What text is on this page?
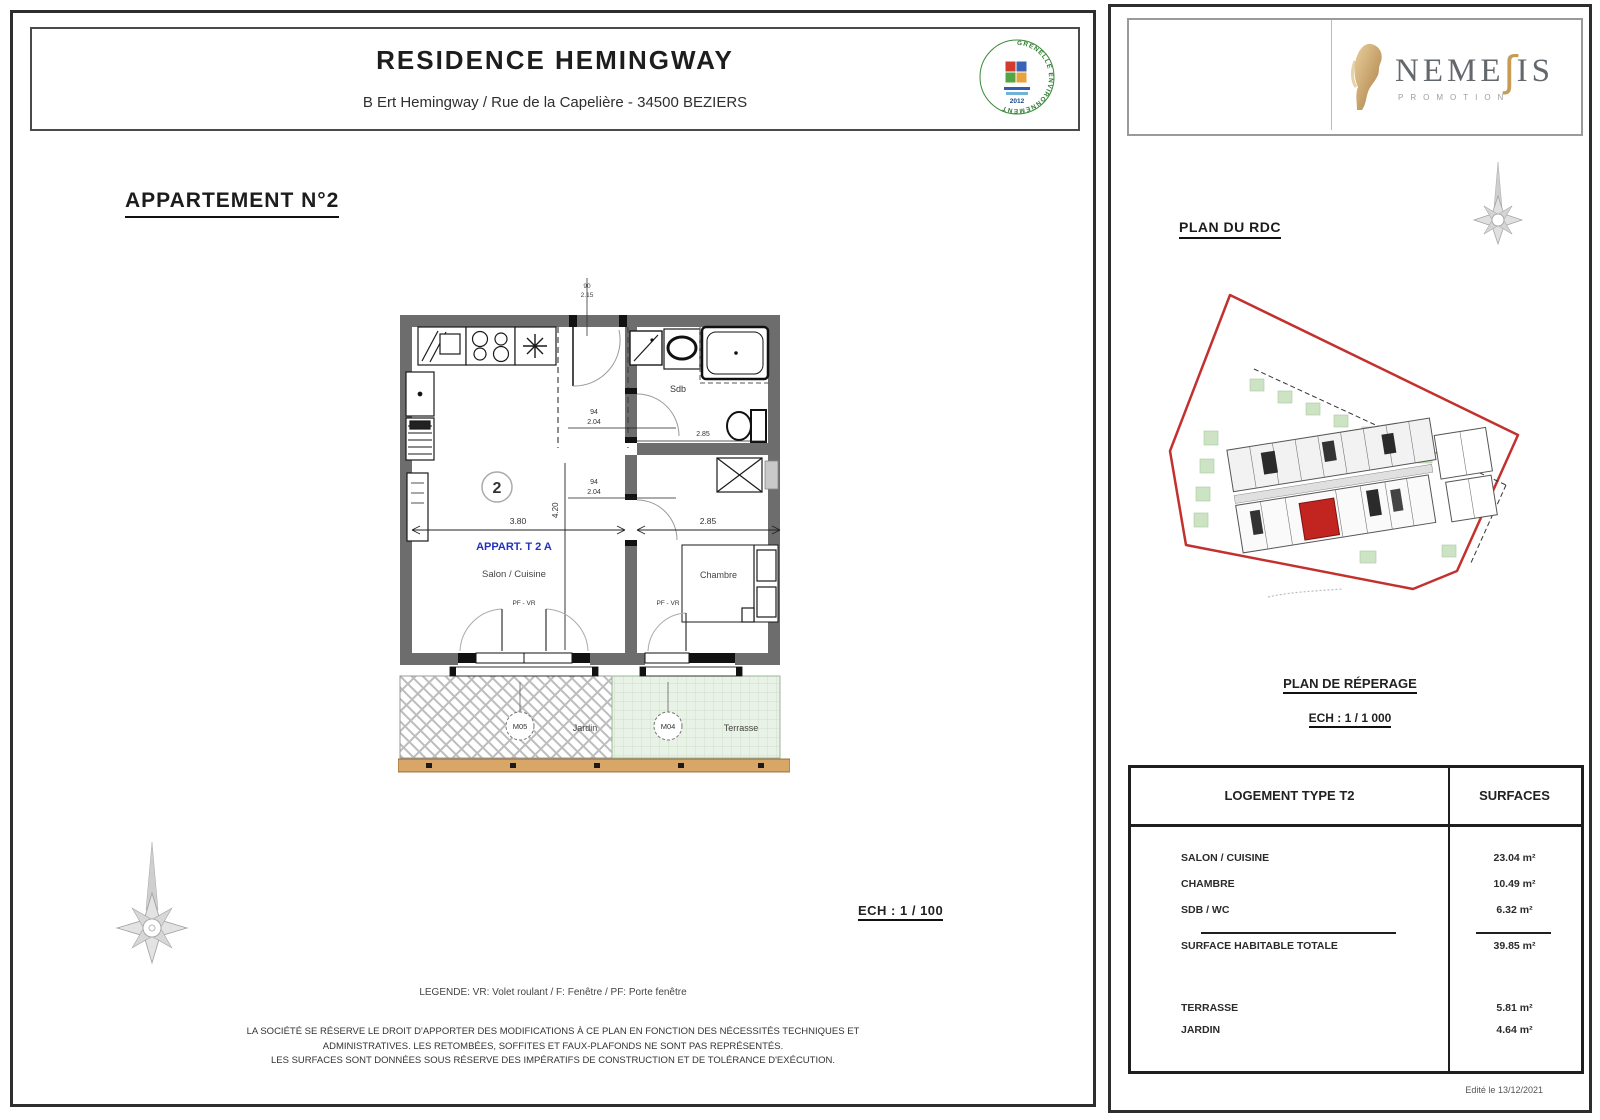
RESIDENCE HEMINGWAY
B Ert Hemingway / Rue de la Capelière - 34500 BEZIERS
GRENELLE ENVIRONNEMENT
2012
APPARTEMENT N°2
90
2.15
94
2.04
94
2.04
Sdb
2.85
Chambre
2
APPART. T 2 A
Salon / Cuisine
3.80	2.85
4.20
PF - VR	PF - VR
M05	Jardin	M04	Terrasse
ECH : 1 / 100
LEGENDE: VR: Volet roulant / F: Fenêtre / PF: Porte fenêtre
LA SOCIÉTÉ SE RÉSERVE LE DROIT D'APPORTER DES MODIFICATIONS À CE PLAN EN FONCTION DES NÉCESSITÉS TECHNIQUES ET
ADMINISTRATIVES. LES RETOMBÉES, SOFFITES ET FAUX-PLAFONDS NE SONT PAS REPRÉSENTÉS.
LES SURFACES SONT DONNÉES SOUS RÉSERVE DES IMPÉRATIFS DE CONSTRUCTION ET DE TOLÉRANCE D'EXÉCUTION.
NEMEʃIS
PROMOTION
PLAN DU RDC
PLAN DE RÉPERAGE
ECH : 1 / 1 000
LOGEMENT TYPE T2	SURFACES
SALON / CUISINE	23.04 m²
CHAMBRE	10.49 m²
SDB / WC	6.32 m²
SURFACE HABITABLE TOTALE	39.85 m²
TERRASSE	5.81 m²
JARDIN	4.64 m²
Edité le 13/12/2021
